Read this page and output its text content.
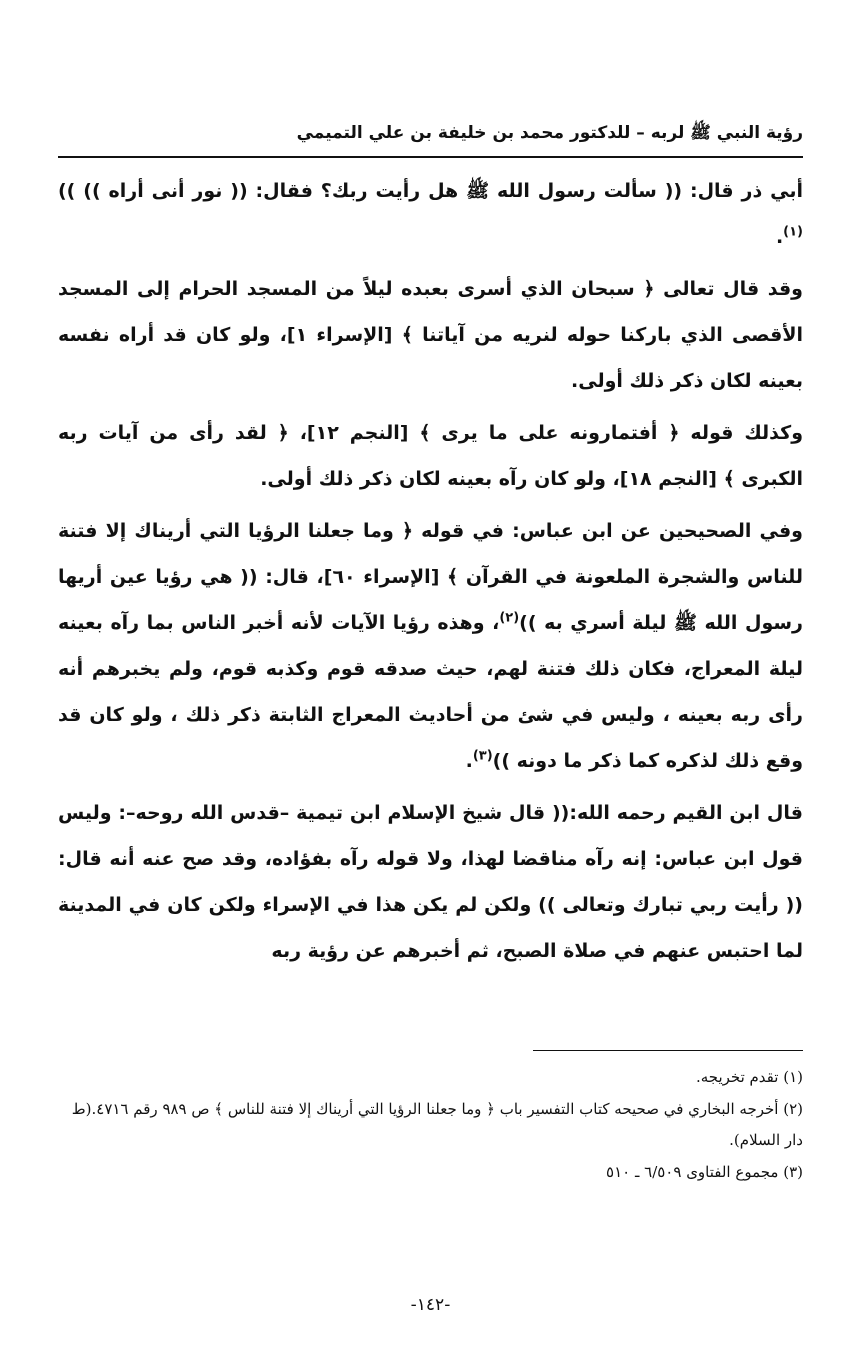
رؤية النبي ﷺ لربه – للدكتور محمد بن خليفة بن علي التميمي

أبي ذر قال: (( سألت رسول الله ﷺ هل رأيت ربك؟ فقال: (( نور أنى أراه )) ))$^{(١)}$.

وقد قال تعالى ﴿ سبحان الذي أسرى بعبده ليلاً من المسجد الحرام إلى المسجد الأقصى الذي باركنا حوله لنريه من آياتنا ﴾ [الإسراء ١]، ولو كان قد أراه نفسه بعينه لكان ذكر ذلك أولى.

وكذلك قوله ﴿ أفتمارونه على ما يرى ﴾ [النجم ١٢]، ﴿ لقد رأى من آيات ربه الكبرى ﴾ [النجم ١٨]، ولو كان رآه بعينه لكان ذكر ذلك أولى.

وفي الصحيحين عن ابن عباس: في قوله ﴿ وما جعلنا الرؤيا التي أريناك إلا فتنة للناس والشجرة الملعونة في القرآن ﴾ [الإسراء ٦٠]، قال: (( هي رؤيا عين أريها رسول الله ﷺ ليلة أسري به ))$^{(٢)}$، وهذه رؤيا الآيات لأنه أخبر الناس بما رآه بعينه ليلة المعراج، فكان ذلك فتنة لهم، حيث صدقه قوم وكذبه قوم، ولم يخبرهم أنه رأى ربه بعينه ، وليس في شئ من أحاديث المعراج الثابتة ذكر ذلك ، ولو كان قد وقع ذلك لذكره كما ذكر ما دونه ))$^{(٣)}$.

قال ابن القيم رحمه الله:(( قال شيخ الإسلام ابن تيمية –قدس الله روحه–: وليس قول ابن عباس: إنه رآه مناقضا لهذا، ولا قوله رآه بفؤاده، وقد صح عنه أنه قال: (( رأيت ربي تبارك وتعالى )) ولكن لم يكن هذا في الإسراء ولكن كان في المدينة لما احتبس عنهم في صلاة الصبح، ثم أخبرهم عن رؤية ربه

(١) تقدم تخريجه.

(٢) أخرجه البخاري في صحيحه كتاب التفسير باب ﴿ وما جعلنا الرؤيا التي أريناك إلا فتنة للناس ﴾ ص ٩٨٩ رقم ٤٧١٦.(ط دار السلام).

(٣) مجموع الفتاوى ٦/٥٠٩ ـ ٥١٠

-١٤٢-
